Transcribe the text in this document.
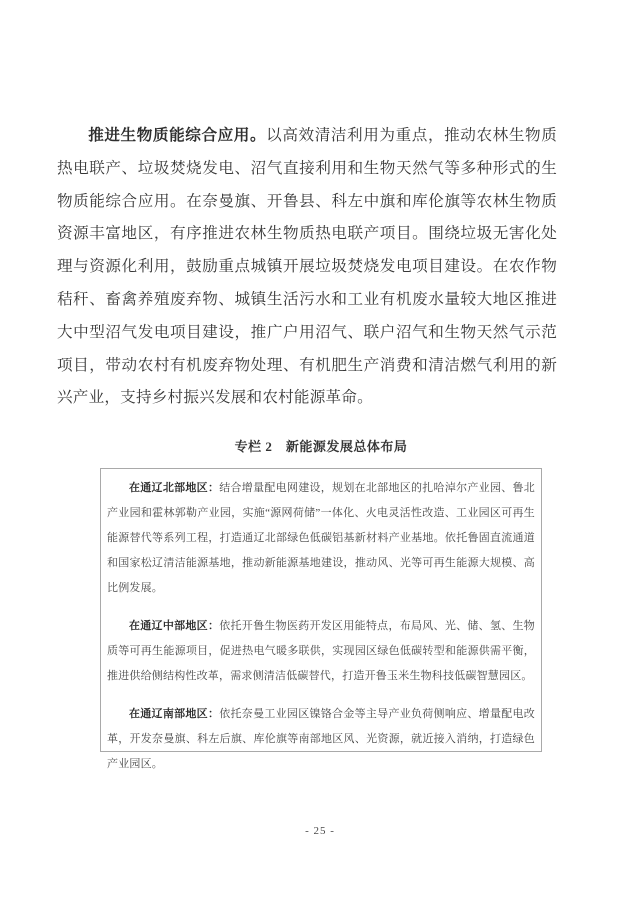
推进生物质能综合应用。以高效清洁利用为重点，推动农林生物质热电联产、垃圾焚烧发电、沼气直接利用和生物天然气等多种形式的生物质能综合应用。在奈曼旗、开鲁县、科左中旗和库伦旗等农林生物质资源丰富地区，有序推进农林生物质热电联产项目。围绕垃圾无害化处理与资源化利用，鼓励重点城镇开展垃圾焚烧发电项目建设。在农作物秸秆、畜禽养殖废弃物、城镇生活污水和工业有机废水量较大地区推进大中型沼气发电项目建设，推广户用沼气、联户沼气和生物天然气示范项目，带动农村有机废弃物处理、有机肥生产消费和清洁燃气利用的新兴产业，支持乡村振兴发展和农村能源革命。

专栏 2　新能源发展总体布局

在通辽北部地区：结合增量配电网建设，规划在北部地区的扎哈淖尔产业园、鲁北产业园和霍林郭勒产业园，实施“源网荷储”一体化、火电灵活性改造、工业园区可再生能源替代等系列工程，打造通辽北部绿色低碳铝基新材料产业基地。依托鲁固直流通道和国家松辽清洁能源基地，推动新能源基地建设，推动风、光等可再生能源大规模、高比例发展。

在通辽中部地区：依托开鲁生物医药开发区用能特点，布局风、光、储、氢、生物质等可再生能源项目，促进热电气暖多联供，实现园区绿色低碳转型和能源供需平衡，推进供给侧结构性改革，需求侧清洁低碳替代，打造开鲁玉米生物科技低碳智慧园区。

在通辽南部地区：依托奈曼工业园区镍铬合金等主导产业负荷侧响应、增量配电改革，开发奈曼旗、科左后旗、库伦旗等南部地区风、光资源，就近接入消纳，打造绿色产业园区。

- 25 -
